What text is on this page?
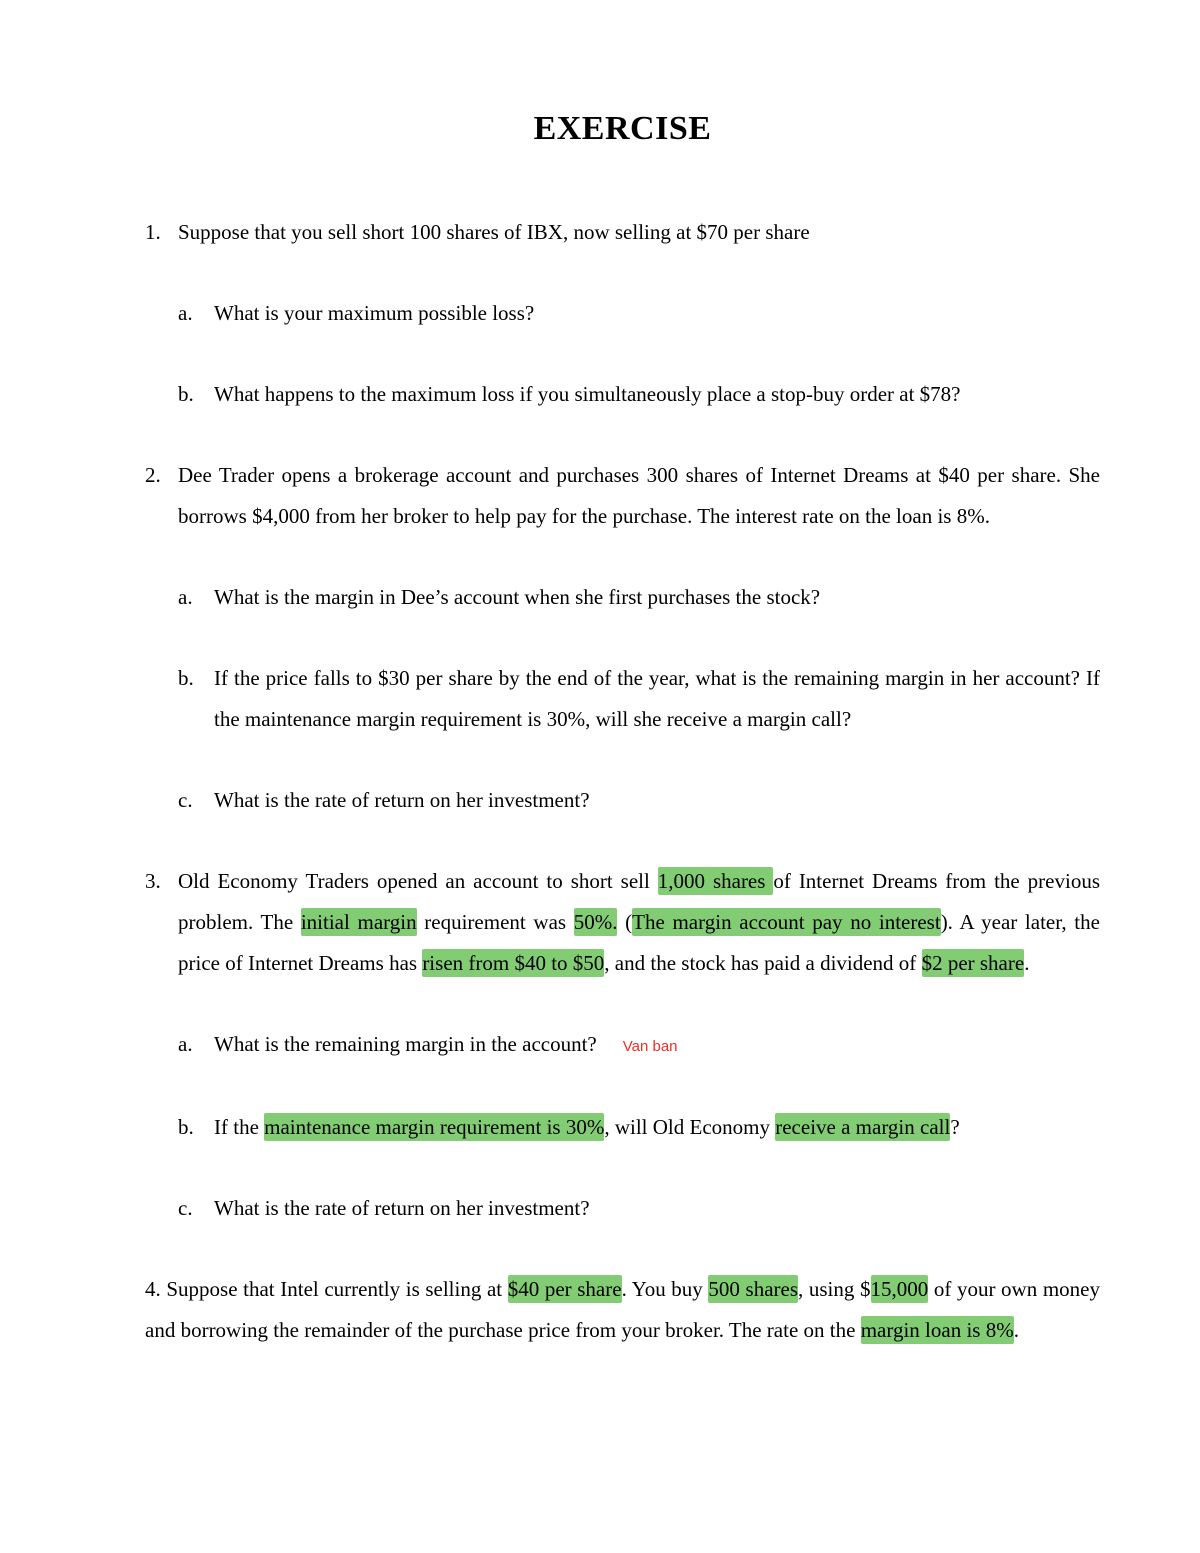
EXERCISE
1. Suppose that you sell short 100 shares of IBX, now selling at $70 per share
a.	What is your maximum possible loss?
b. What happens to the maximum loss if you simultaneously place a stop-buy order at $78?
2. Dee Trader opens a brokerage account and purchases 300 shares of Internet Dreams at $40 per share. She borrows $4,000 from her broker to help pay for the purchase. The interest rate on the loan is 8%.
a.	What is the margin in Dee’s account when she first purchases the stock?
b. If the price falls to $30 per share by the end of the year, what is the remaining margin in her account? If the maintenance margin requirement is 30%, will she receive a margin call?
c.	What is the rate of return on her investment?
3. Old Economy Traders opened an account to short sell 1,000 shares of Internet Dreams from the previous problem. The initial margin requirement was 50%. (The margin account pay no interest). A year later, the price of Internet Dreams has risen from $40 to $50, and the stock has paid a dividend of $2 per share.
a.	What is the remaining margin in the account? Van ban
b. If the maintenance margin requirement is 30%, will Old Economy receive a margin call?
c.	What is the rate of return on her investment?
4. Suppose that Intel currently is selling at $40 per share. You buy 500 shares, using $15,000 of your own money and borrowing the remainder of the purchase price from your broker. The rate on the margin loan is 8%.
